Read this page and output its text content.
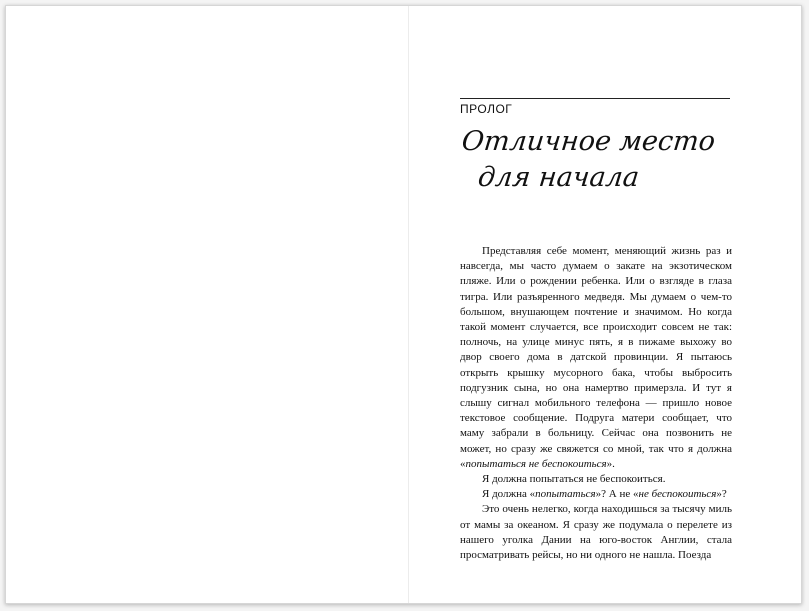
ПРОЛОГ
Отличное место
для начала

Представляя себе момент, меняющий жизнь раз и навсегда, мы часто думаем о закате на экзотическом пляже. Или о рождении ребенка. Или о взгляде в глаза тигра. Или разъяренного медведя. Мы думаем о чем-то большом, внушающем почтение и значимом. Но когда такой момент случается, все происходит совсем не так: полночь, на улице минус пять, я в пижаме выхожу во двор своего дома в датской провинции. Я пытаюсь открыть крышку мусорного бака, чтобы выбросить подгузник сына, но она намертво примерзла. И тут я слышу сигнал мобильного телефона — пришло новое текстовое сообщение. Подруга матери сообщает, что маму забрали в больницу. Сейчас она позвонить не может, но сразу же свяжется со мной, так что я должна «попытаться не беспокоиться».

Я должна попытаться не беспокоиться.

Я должна «попытаться»? А не «не беспокоиться»?

Это очень нелегко, когда находишься за тысячу миль от мамы за океаном. Я сразу же подумала о перелете из нашего уголка Дании на юго-восток Англии, стала просматривать рейсы, но ни одного не нашла. Поезда
